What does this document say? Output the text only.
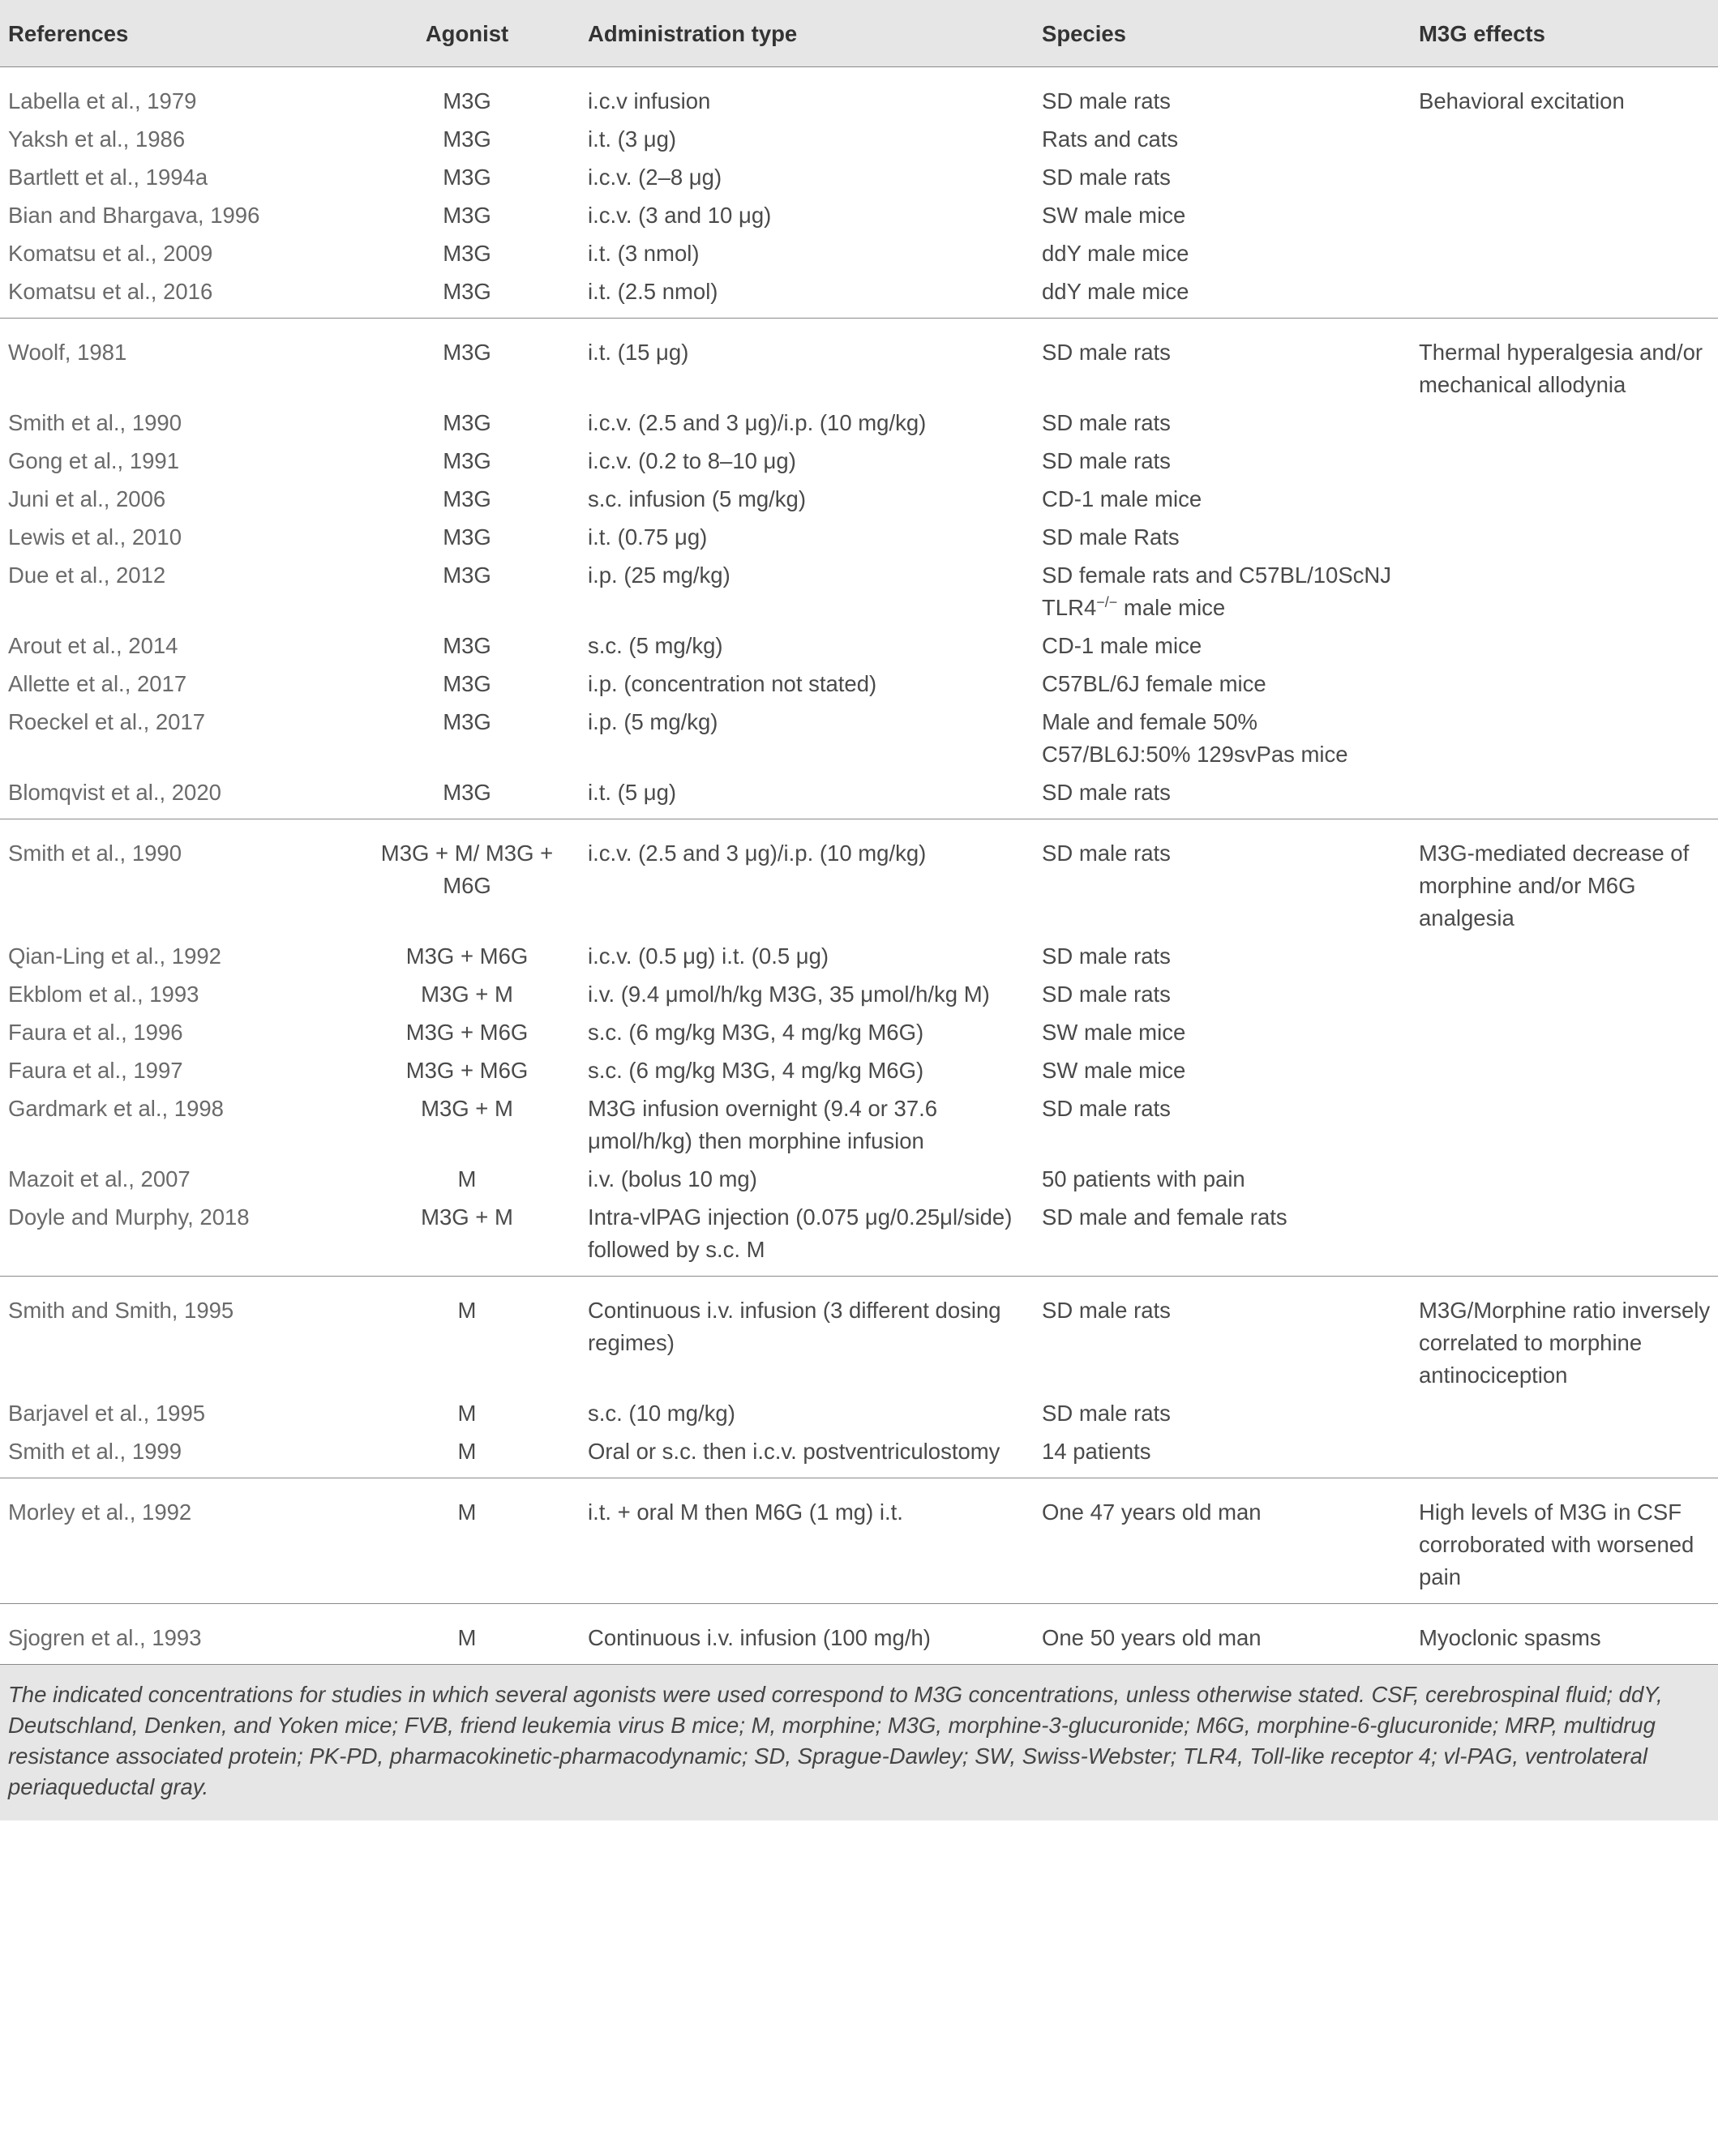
References	Agonist	Administration type	Species	M3G effects
Labella et al., 1979	M3G	i.c.v infusion	SD male rats	Behavioral excitation
Yaksh et al., 1986	M3G	i.t. (3 μg)	Rats and cats	
Bartlett et al., 1994a	M3G	i.c.v. (2–8 μg)	SD male rats	
Bian and Bhargava, 1996	M3G	i.c.v. (3 and 10 μg)	SW male mice	
Komatsu et al., 2009	M3G	i.t. (3 nmol)	ddY male mice	
Komatsu et al., 2016	M3G	i.t. (2.5 nmol)	ddY male mice	
Woolf, 1981	M3G	i.t. (15 μg)	SD male rats	Thermal hyperalgesia and/or mechanical allodynia
Smith et al., 1990	M3G	i.c.v. (2.5 and 3 μg)/i.p. (10 mg/kg)	SD male rats	
Gong et al., 1991	M3G	i.c.v. (0.2 to 8–10 μg)	SD male rats	
Juni et al., 2006	M3G	s.c. infusion (5 mg/kg)	CD-1 male mice	
Lewis et al., 2010	M3G	i.t. (0.75 μg)	SD male Rats	
Due et al., 2012	M3G	i.p. (25 mg/kg)	SD female rats and C57BL/10ScNJ TLR4−/− male mice	
Arout et al., 2014	M3G	s.c. (5 mg/kg)	CD-1 male mice	
Allette et al., 2017	M3G	i.p. (concentration not stated)	C57BL/6J female mice	
Roeckel et al., 2017	M3G	i.p. (5 mg/kg)	Male and female 50% C57/BL6J:50% 129svPas mice	
Blomqvist et al., 2020	M3G	i.t. (5 μg)	SD male rats	
Smith et al., 1990	M3G + M/ M3G + M6G	i.c.v. (2.5 and 3 μg)/i.p. (10 mg/kg)	SD male rats	M3G-mediated decrease of morphine and/or M6G analgesia
Qian-Ling et al., 1992	M3G + M6G	i.c.v. (0.5 μg) i.t. (0.5 μg)	SD male rats	
Ekblom et al., 1993	M3G + M	i.v. (9.4 μmol/h/kg M3G, 35 μmol/h/kg M)	SD male rats	
Faura et al., 1996	M3G + M6G	s.c. (6 mg/kg M3G, 4 mg/kg M6G)	SW male mice	
Faura et al., 1997	M3G + M6G	s.c. (6 mg/kg M3G, 4 mg/kg M6G)	SW male mice	
Gardmark et al., 1998	M3G + M	M3G infusion overnight (9.4 or 37.6 μmol/h/kg) then morphine infusion	SD male rats	
Mazoit et al., 2007	M	i.v. (bolus 10 mg)	50 patients with pain	
Doyle and Murphy, 2018	M3G + M	Intra-vlPAG injection (0.075 μg/0.25μl/side) followed by s.c. M	SD male and female rats	
Smith and Smith, 1995	M	Continuous i.v. infusion (3 different dosing regimes)	SD male rats	M3G/Morphine ratio inversely correlated to morphine antinociception
Barjavel et al., 1995	M	s.c. (10 mg/kg)	SD male rats	
Smith et al., 1999	M	Oral or s.c. then i.c.v. postventriculostomy	14 patients	
Morley et al., 1992	M	i.t. + oral M then M6G (1 mg) i.t.	One 47 years old man	High levels of M3G in CSF corroborated with worsened pain
Sjogren et al., 1993	M	Continuous i.v. infusion (100 mg/h)	One 50 years old man	Myoclonic spasms
The indicated concentrations for studies in which several agonists were used correspond to M3G concentrations, unless otherwise stated. CSF, cerebrospinal fluid; ddY, Deutschland, Denken, and Yoken mice; FVB, friend leukemia virus B mice; M, morphine; M3G, morphine-3-glucuronide; M6G, morphine-6-glucuronide; MRP, multidrug resistance associated protein; PK-PD, pharmacokinetic-pharmacodynamic; SD, Sprague-Dawley; SW, Swiss-Webster; TLR4, Toll-like receptor 4; vl-PAG, ventrolateral periaqueductal gray.
